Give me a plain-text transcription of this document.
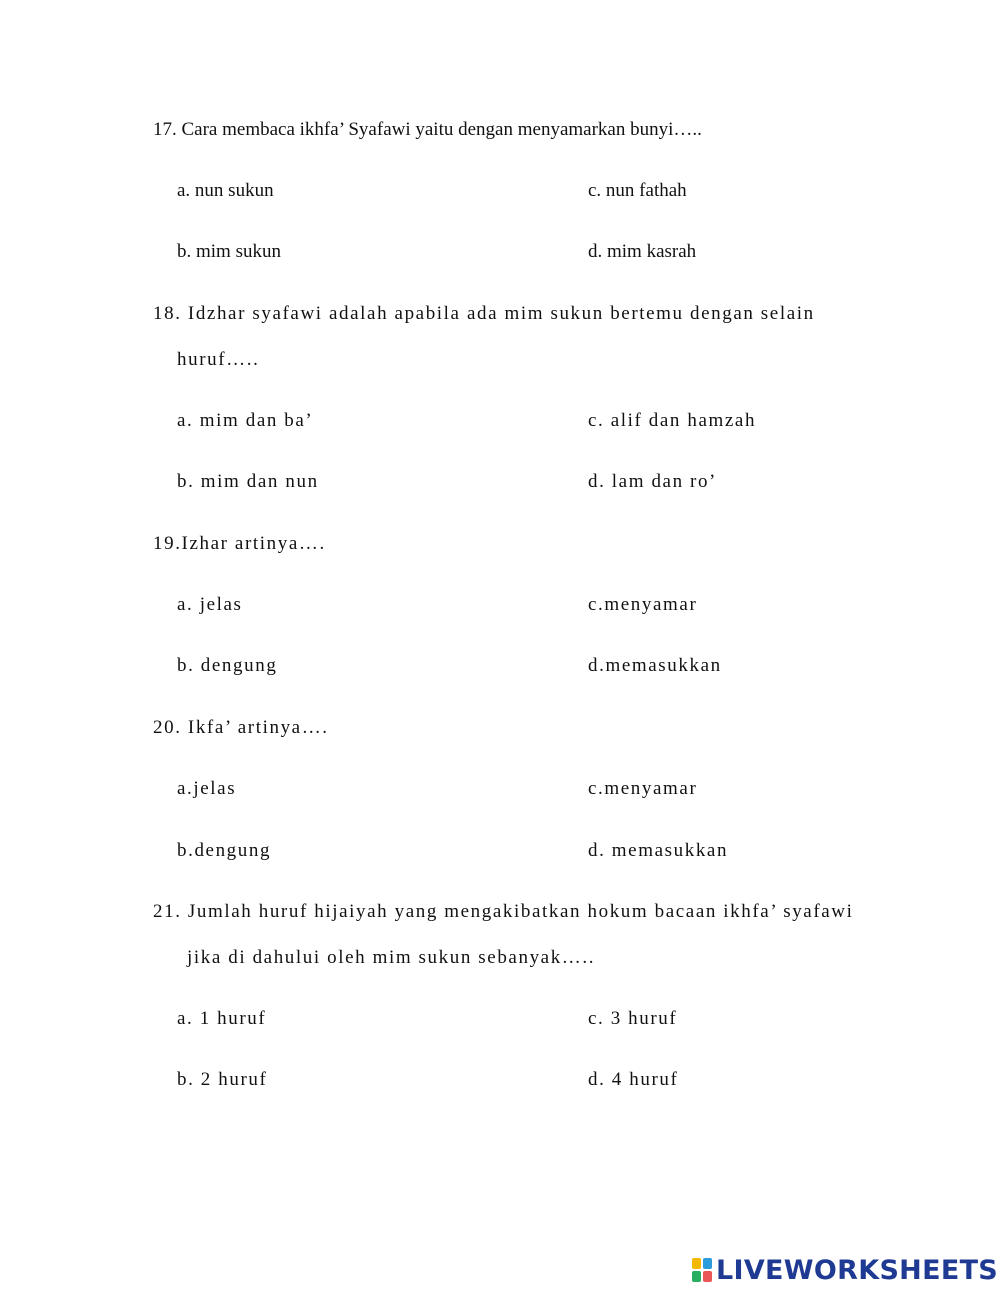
17. Cara membaca ikhfa’ Syafawi yaitu dengan menyamarkan bunyi…..
a. nun sukun	c. nun fathah
b. mim sukun	d. mim kasrah
18. Idzhar syafawi adalah apabila ada mim sukun bertemu dengan selain
huruf…..
a. mim dan ba’	c. alif dan hamzah
b. mim dan nun	d. lam dan ro’
19.Izhar artinya….
a. jelas	c.menyamar
b. dengung	d.memasukkan
20. Ikfa’ artinya….
a.jelas	c.menyamar
b.dengung	d. memasukkan
21. Jumlah huruf hijaiyah yang mengakibatkan hokum bacaan ikhfa’ syafawi
jika di dahului oleh mim sukun sebanyak…..
a. 1 huruf	c. 3 huruf
b. 2 huruf	d. 4 huruf
LIVEWORKSHEETS
